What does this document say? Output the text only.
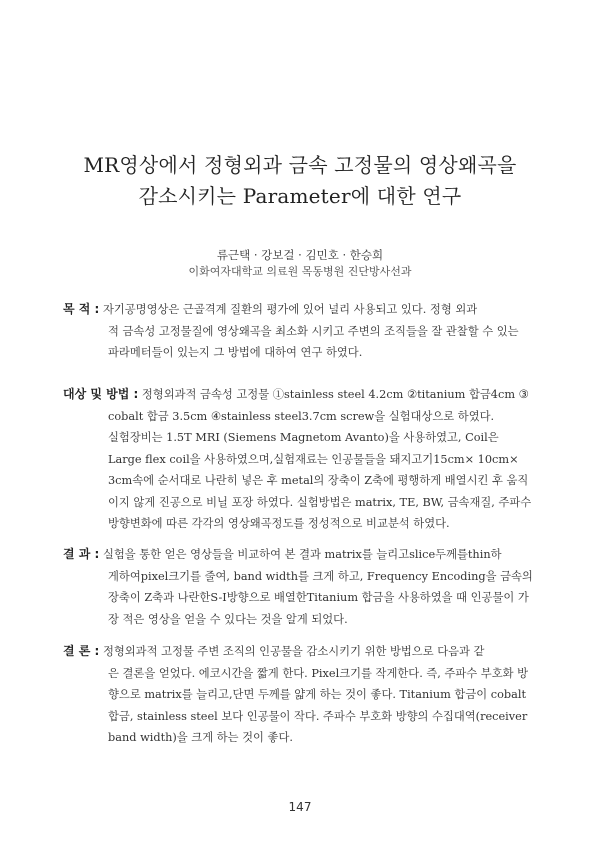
MR영상에서 정형외과 금속 고정물의 영상왜곡을
감소시키는 Parameter에 대한 연구
류근택 · 강보걸 · 김민호 · 한승희
이화여자대학교 의료원 목동병원 진단방사선과

목 적 : 자기공명영상은 근골격계 질환의 평가에 있어 널리 사용되고 있다. 정형 외과

적 금속성 고정물질에 영상왜곡을 최소화 시키고 주변의 조직들을 잘 관찰할 수 있는 파라메터들이 있는지 그 방법에 대하여 연구 하였다.

대상 및 방법 : 정형외과적 금속성 고정물 ①stainless steel 4.2cm ②titanium 합금4cm ③

cobalt 합금 3.5cm ④stainless steel3.7cm screw을 실험대상으로 하였다.
실험장비는 1.5T MRI (Siemens Magnetom Avanto)을 사용하였고, Coil은 Large flex coil을 사용하였으며,실험재료는 인공물들을 돼지고기15cm× 10cm× 3cm속에 순서대로 나란히 넣은 후 metal의 장축이 Z축에 평행하게 배열시킨 후 움직이지 않게 진공으로 비닐 포장 하였다. 실험방법은 matrix, TE, BW, 금속재질, 주파수방향변화에 따른 각각의 영상왜곡정도를 정성적으로 비교분석 하였다.

결 과 : 실험을 통한 얻은 영상들을 비교하여 본 결과 matrix를 늘리고slice두께를thin하

게하여pixel크기를 줄여, band width를 크게 하고, Frequency Encoding을 금속의 장축이 Z축과 나란한S-I방향으로 배열한Titanium 합금을 사용하였을 때 인공물이 가장 적은 영상을 얻을 수 있다는 것을 알게 되었다.

결 론 : 정형외과적 고정물 주변 조직의 인공물을 감소시키기 위한 방법으로 다음과 같

은 결론을 얻었다. 에코시간을 짧게 한다. Pixel크기를 작게한다. 즉, 주파수 부호화 방향으로 matrix를 늘리고,단면 두께를 얇게 하는 것이 좋다. Titanium 합금이 cobalt 합금, stainless steel 보다 인공물이 작다. 주파수 부호화 방향의 수집대역(receiver band width)을 크게 하는 것이 좋다.
147
